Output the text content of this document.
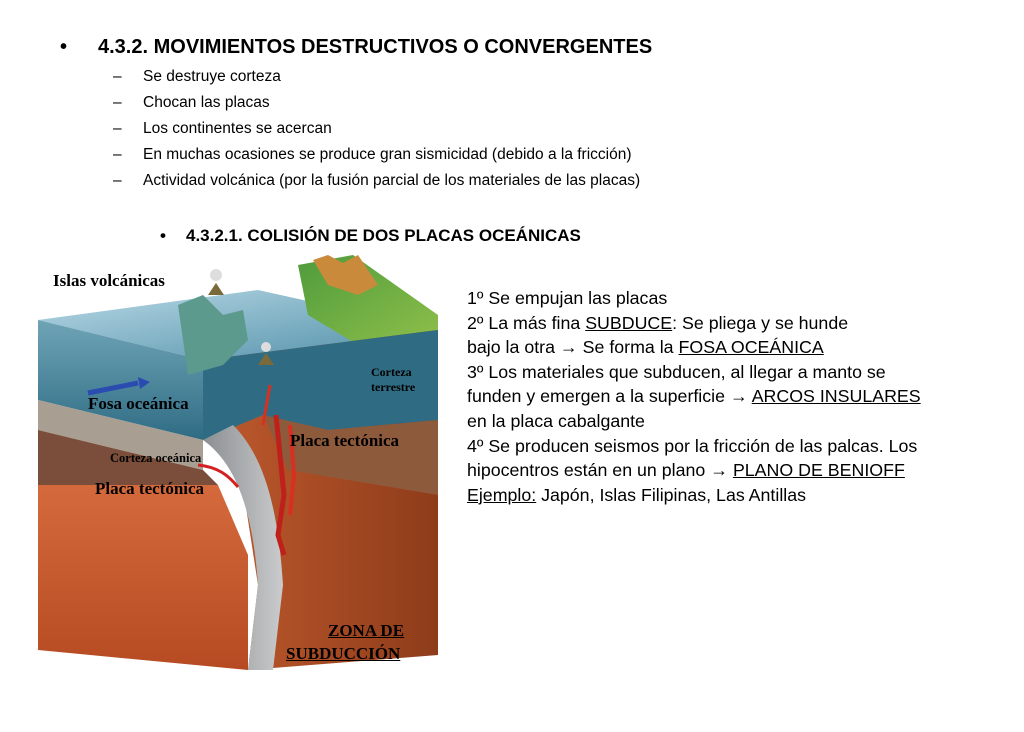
• 4.3.2. MOVIMIENTOS DESTRUCTIVOS O CONVERGENTES
– Se destruye corteza
– Chocan las placas
– Los continentes se acercan
– En muchas ocasiones se produce gran sismicidad (debido a la fricción)
– Actividad volcánica (por la fusión parcial de los materiales de las placas)
• 4.3.2.1. COLISIÓN DE DOS PLACAS OCEÁNICAS
Islas volcánicas
Fosa oceánica
Corteza
terrestre
Placa tectónica
Corteza oceánica
Placa tectónica
ZONA DE
SUBDUCCIÓN
1º Se empujan las placas
2º La más fina SUBDUCE: Se pliega y se hunde
bajo la otra → Se forma la FOSA OCEÁNICA
3º Los materiales que subducen, al llegar a manto se
funden y emergen a la superficie → ARCOS INSULARES
en la placa cabalgante
4º Se producen seismos por la fricción de las palcas. Los
hipocentros están en un plano → PLANO DE BENIOFF
Ejemplo: Japón, Islas Filipinas, Las Antillas
